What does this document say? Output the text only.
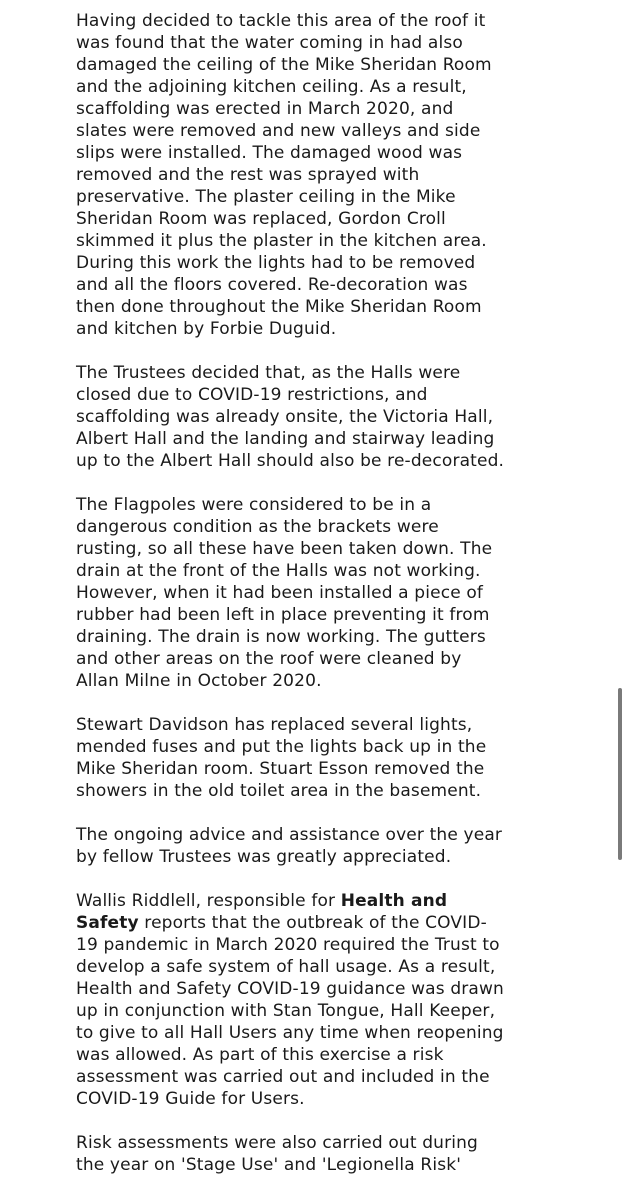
Having decided to tackle this area of the roof it
was found that the water coming in had also
damaged the ceiling of the Mike Sheridan Room
and the adjoining kitchen ceiling. As a result,
scaffolding was erected in March 2020, and
slates were removed and new valleys and side
slips were installed. The damaged wood was
removed and the rest was sprayed with
preservative. The plaster ceiling in the Mike
Sheridan Room was replaced, Gordon Croll
skimmed it plus the plaster in the kitchen area.
During this work the lights had to be removed
and all the floors covered. Re-decoration was
then done throughout the Mike Sheridan Room
and kitchen by Forbie Duguid.

The Trustees decided that, as the Halls were
closed due to COVID-19 restrictions, and
scaffolding was already onsite, the Victoria Hall,
Albert Hall and the landing and stairway leading
up to the Albert Hall should also be re-decorated.

The Flagpoles were considered to be in a
dangerous condition as the brackets were
rusting, so all these have been taken down. The
drain at the front of the Halls was not working.
However, when it had been installed a piece of
rubber had been left in place preventing it from
draining. The drain is now working. The gutters
and other areas on the roof were cleaned by
Allan Milne in October 2020.

Stewart Davidson has replaced several lights,
mended fuses and put the lights back up in the
Mike Sheridan room. Stuart Esson removed the
showers in the old toilet area in the basement.

The ongoing advice and assistance over the year
by fellow Trustees was greatly appreciated.

Wallis Riddlell, responsible for Health and
Safety reports that the outbreak of the COVID-
19 pandemic in March 2020 required the Trust to
develop a safe system of hall usage. As a result,
Health and Safety COVID-19 guidance was drawn
up in conjunction with Stan Tongue, Hall Keeper,
to give to all Hall Users any time when reopening
was allowed. As part of this exercise a risk
assessment was carried out and included in the
COVID-19 Guide for Users.

Risk assessments were also carried out during
the year on 'Stage Use' and 'Legionella Risk'
